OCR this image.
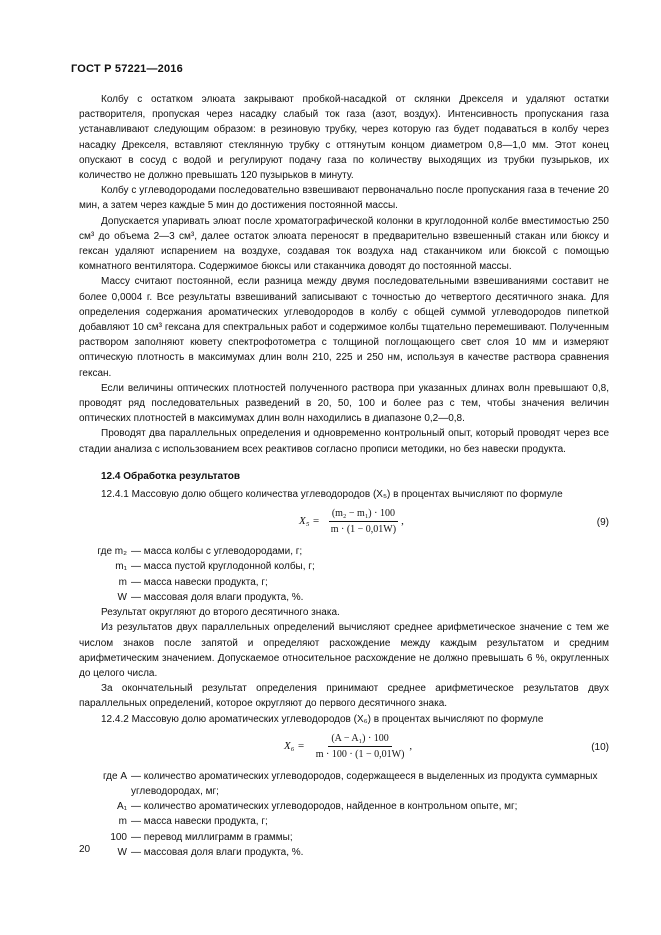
ГОСТ Р 57221—2016

Колбу с остатком элюата закрывают пробкой-насадкой от склянки Дрекселя и удаляют остатки растворителя, пропуская через насадку слабый ток газа (азот, воздух). Интенсивность пропускания газа устанавливают следующим образом: в резиновую трубку, через которую газ будет подаваться в колбу через насадку Дрекселя, вставляют стеклянную трубку с оттянутым концом диаметром 0,8—1,0 мм. Этот конец опускают в сосуд с водой и регулируют подачу газа по количеству выходящих из трубки пузырьков, их количество не должно превышать 120 пузырьков в минуту.

Колбу с углеводородами последовательно взвешивают первоначально после пропускания газа в течение 20 мин, а затем через каждые 5 мин до достижения постоянной массы.

Допускается упаривать элюат после хроматографической колонки в круглодонной колбе вместимостью 250 см³ до объема 2—3 см³, далее остаток элюата переносят в предварительно взвешенный стакан или бюксу и гексан удаляют испарением на воздухе, создавая ток воздуха над стаканчиком или бюксой с помощью комнатного вентилятора. Содержимое бюксы или стаканчика доводят до постоянной массы.

Массу считают постоянной, если разница между двумя последовательными взвешиваниями составит не более 0,0004 г. Все результаты взвешиваний записывают с точностью до четвертого десятичного знака. Для определения содержания ароматических углеводородов в колбу с общей суммой углеводородов пипеткой добавляют 10 см³ гексана для спектральных работ и содержимое колбы тщательно перемешивают. Полученным раствором заполняют кювету спектрофотометра с толщиной поглощающего свет слоя 10 мм и измеряют оптическую плотность в максимумах длин волн 210, 225 и 250 нм, используя в качестве раствора сравнения гексан.

Если величины оптических плотностей полученного раствора при указанных длинах волн превышают 0,8, проводят ряд последовательных разведений в 20, 50, 100 и более раз с тем, чтобы значения величин оптических плотностей в максимумах длин волн находились в диапазоне 0,2—0,8.

Проводят два параллельных определения и одновременно контрольный опыт, который проводят через все стадии анализа с использованием всех реактивов согласно прописи методики, но без навески продукта.

12.4 Обработка результатов

12.4.1 Массовую долю общего количества углеводородов (X₅) в процентах вычисляют по формуле

$X_5 = \frac{\text{(m₂ − m₁) · 100}}{m \cdot (1 - 0,01W)}$ ,	(9)
где m₂ — масса колбы с углеводородами, г;
m₁ — масса пустой круглодонной колбы, г;
m — масса навески продукта, г;
W — массовая доля влаги продукта, %.

Результат округляют до второго десятичного знака.

Из результатов двух параллельных определений вычисляют среднее арифметическое значение с тем же числом знаков после запятой и определяют расхождение между каждым результатом и средним арифметическим значением. Допускаемое относительное расхождение не должно превышать 6 %, округленных до целого числа.

За окончательный результат определения принимают среднее арифметическое результатов двух параллельных определений, которое округляют до первого десятичного знака.

12.4.2 Массовую долю ароматических углеводородов (X₆) в процентах вычисляют по формуле

$X_6 = \frac{\text{(A − A₁) · 100}}{m \cdot 100 \cdot (1 - 0,01W)}$ ,	(10)
где A — количество ароматических углеводородов, содержащееся в выделенных из продукта суммарных углеводородах, мг;
A₁ — количество ароматических углеводородов, найденное в контрольном опыте, мг;
m — масса навески продукта, г;
100 — перевод миллиграмм в граммы;
W — массовая доля влаги продукта, %.
20
